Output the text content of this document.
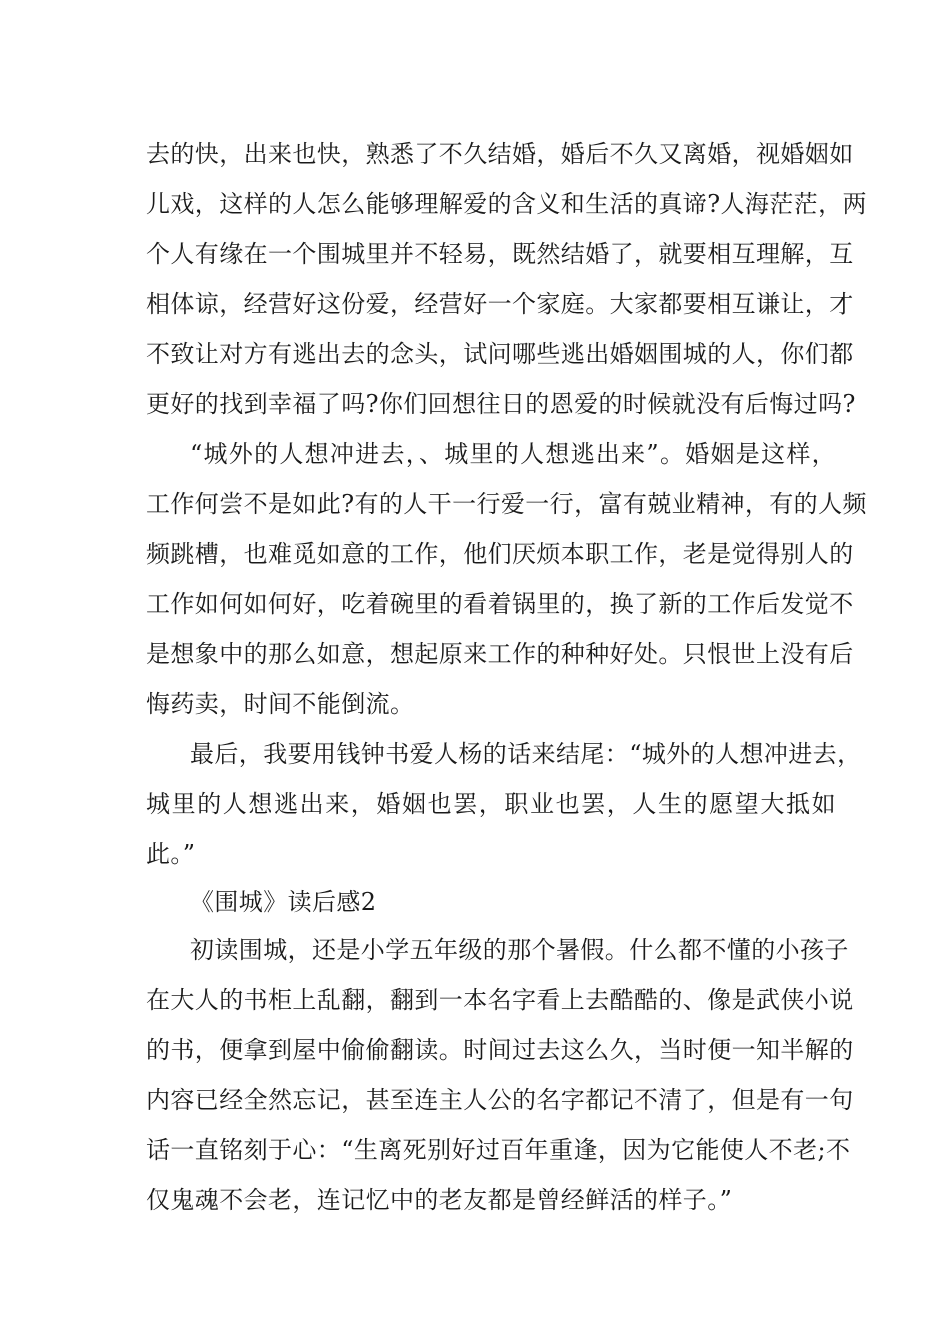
去的快，出来也快，熟悉了不久结婚，婚后不久又离婚，视婚姻如
儿戏，这样的人怎么能够理解爱的含义和生活的真谛?人海茫茫，两
个人有缘在一个围城里并不轻易，既然结婚了，就要相互理解，互
相体谅，经营好这份爱，经营好一个家庭。大家都要相互谦让，才
不致让对方有逃出去的念头，试问哪些逃出婚姻围城的人，你们都
更好的找到幸福了吗?你们回想往日的恩爱的时候就没有后悔过吗?
“城外的人想冲进去，、城里的人想逃出来”。婚姻是这样，
工作何尝不是如此?有的人干一行爱一行，富有兢业精神，有的人频
频跳槽，也难觅如意的工作，他们厌烦本职工作，老是觉得别人的
工作如何如何好，吃着碗里的看着锅里的，换了新的工作后发觉不
是想象中的那么如意，想起原来工作的种种好处。只恨世上没有后
悔药卖，时间不能倒流。
最后，我要用钱钟书爱人杨的话来结尾：“城外的人想冲进去，
城里的人想逃出来，婚姻也罢，职业也罢，人生的愿望大抵如
此。”
《围城》读后感2
初读围城，还是小学五年级的那个暑假。什么都不懂的小孩子
在大人的书柜上乱翻，翻到一本名字看上去酷酷的、像是武侠小说
的书，便拿到屋中偷偷翻读。时间过去这么久，当时便一知半解的
内容已经全然忘记，甚至连主人公的名字都记不清了，但是有一句
话一直铭刻于心：“生离死别好过百年重逢，因为它能使人不老;不
仅鬼魂不会老，连记忆中的老友都是曾经鲜活的样子。”
